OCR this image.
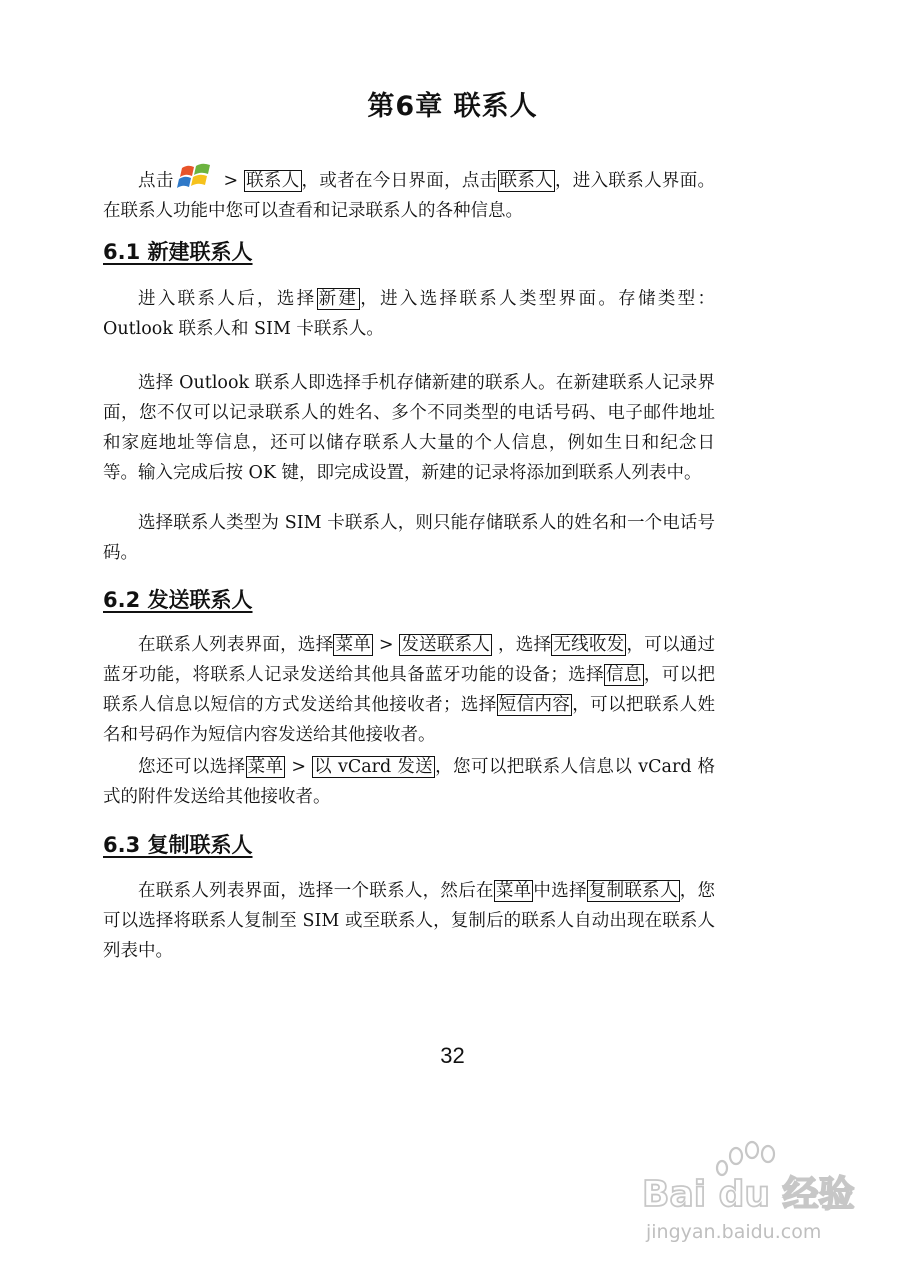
第6章 联系人

点击	> 联系人 ，或者在今日界面，点击 联系人 ，进入联系人界面。在联系人功能中您可以查看和记录联系人的各种信息。

6.1 新建联系人

进入联系人后，选择 新建 ，进入选择联系人类型界面。存储类型：Outlook 联系人和 SIM 卡联系人。

选择 Outlook 联系人即选择手机存储新建的联系人。在新建联系人记录界面，您不仅可以记录联系人的姓名、多个不同类型的电话号码、电子邮件地址和家庭地址等信息，还可以储存联系人大量的个人信息，例如生日和纪念日等。输入完成后按 OK 键，即完成设置，新建的记录将添加到联系人列表中。

选择联系人类型为 SIM 卡联系人，则只能存储联系人的姓名和一个电话号码。

6.2 发送联系人

在联系人列表界面，选择 菜单 > 发送联系人 ，选择 无线收发 ，可以通过蓝牙功能，将联系人记录发送给其他具备蓝牙功能的设备；选择 信息 ，可以把联系人信息以短信的方式发送给其他接收者；选择 短信内容 ，可以把联系人姓名和号码作为短信内容发送给其他接收者。

您还可以选择 菜单 > 以 vCard 发送 ，您可以把联系人信息以 vCard 格式的附件发送给其他接收者。

6.3 复制联系人

在联系人列表界面，选择一个联系人，然后在 菜单 中选择 复制联系人 ，您可以选择将联系人复制至 SIM 或至联系人，复制后的联系人自动出现在联系人列表中。

32

Bai du 经验
jingyan.baidu.com
